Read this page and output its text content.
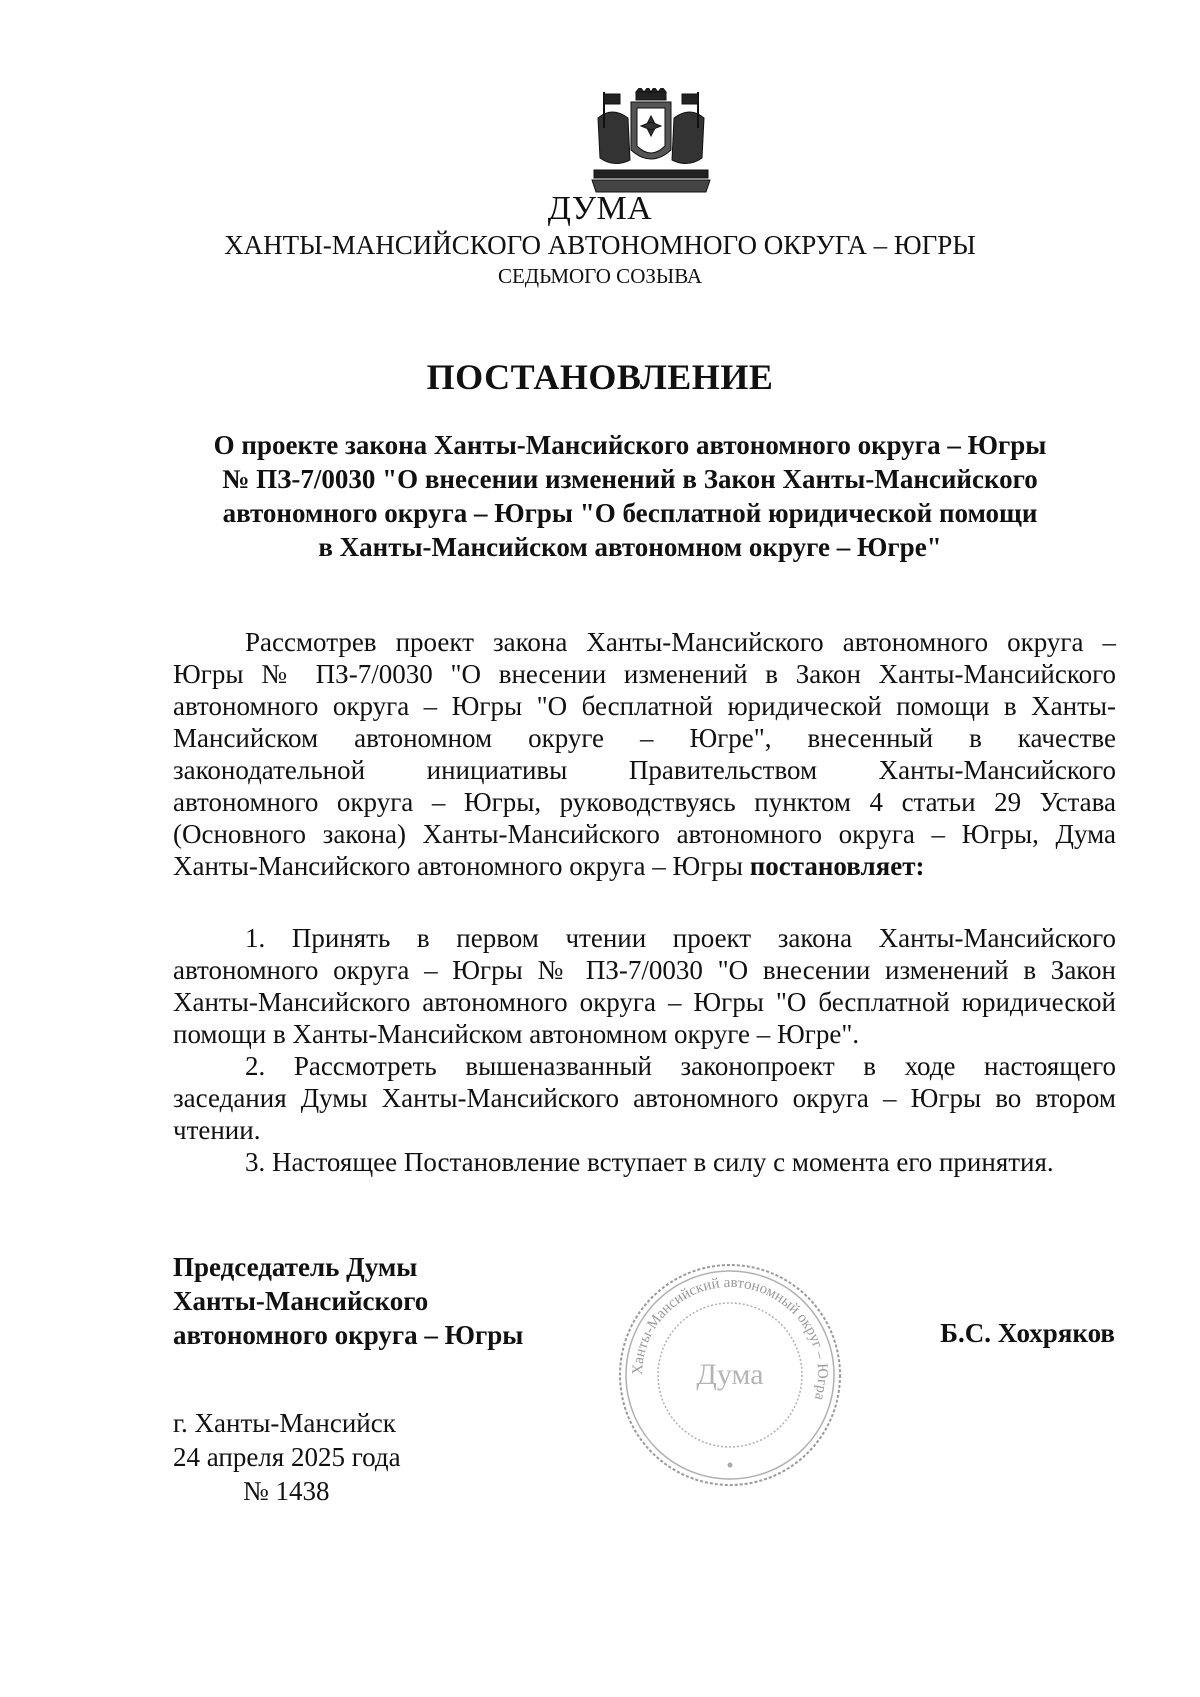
ДУМА
ХАНТЫ-МАНСИЙСКОГО АВТОНОМНОГО ОКРУГА – ЮГРЫ
СЕДЬМОГО СОЗЫВА
ПОСТАНОВЛЕНИЕ
О проекте закона Ханты-Мансийского автономного округа – Югры
№ ПЗ-7/0030 "О внесении изменений в Закон Ханты-Мансийского
автономного округа – Югры "О бесплатной юридической помощи
в Ханты-Мансийском автономном округе – Югре"
Рассмотрев проект закона Ханты-Мансийского автономного округа –
Югры № ПЗ-7/0030 "О внесении изменений в Закон Ханты-Мансийского
автономного округа – Югры "О бесплатной юридической помощи в Ханты-
Мансийском автономном округе – Югре", внесенный в качестве
законодательной инициативы Правительством Ханты-Мансийского
автономного округа – Югры, руководствуясь пунктом 4 статьи 29 Устава
(Основного закона) Ханты-Мансийского автономного округа – Югры, Дума
Ханты-Мансийского автономного округа – Югры постановляет:
1. Принять в первом чтении проект закона Ханты-Мансийского
автономного округа – Югры № ПЗ-7/0030 "О внесении изменений в Закон
Ханты-Мансийского автономного округа – Югры "О бесплатной юридической
помощи в Ханты-Мансийском автономном округе – Югре".
2. Рассмотреть вышеназванный законопроект в ходе настоящего
заседания Думы Ханты-Мансийского автономного округа – Югры во втором
чтении.
3. Настоящее Постановление вступает в силу с момента его принятия.
Председатель Думы
Ханты-Мансийского
автономного округа – Югры
Ханты-Мансийский автономный округ – Югра
Дума
Б.С. Хохряков
г. Ханты-Мансийск
24 апреля 2025 года
№ 1438
